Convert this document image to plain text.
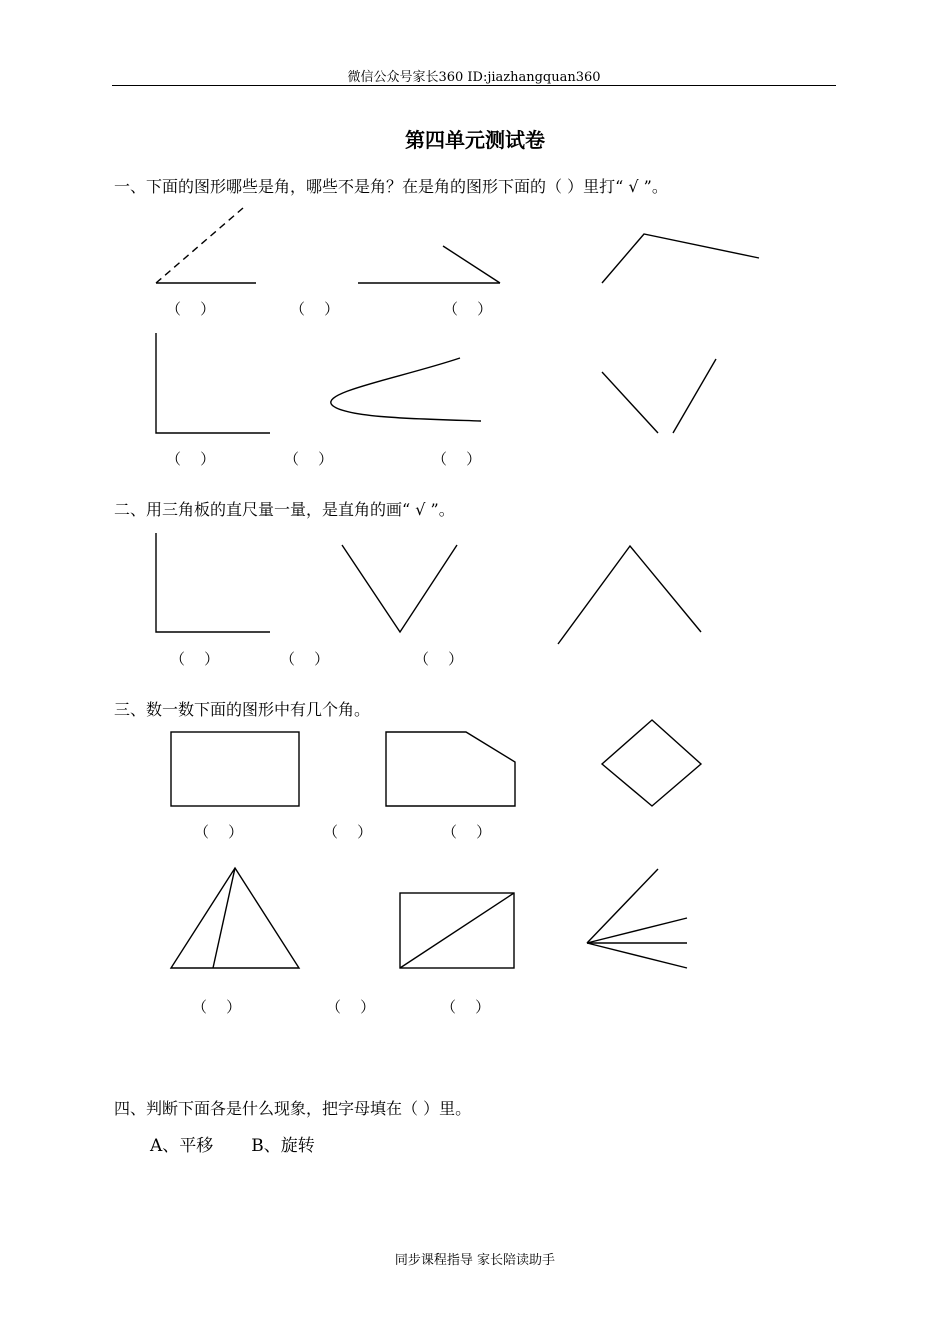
微信公众号家长360 ID:jiazhangquan360
第四单元测试卷
一、下面的图形哪些是角，哪些不是角？在是角的图形下面的（ ）里打“ √ ”。
二、用三角板的直尺量一量，是直角的画“ √ ”。
三、数一数下面的图形中有几个角。
四、判断下面各是什么现象，把字母填在（ ）里。
A、平移 B、旋转
（    ）	（    ）	（    ）
（    ）	（    ）	（    ）
（    ）	（    ）	（    ）
（    ）	（    ）	（    ）
（    ）	（    ）	（    ）
同步课程指导 家长陪读助手
